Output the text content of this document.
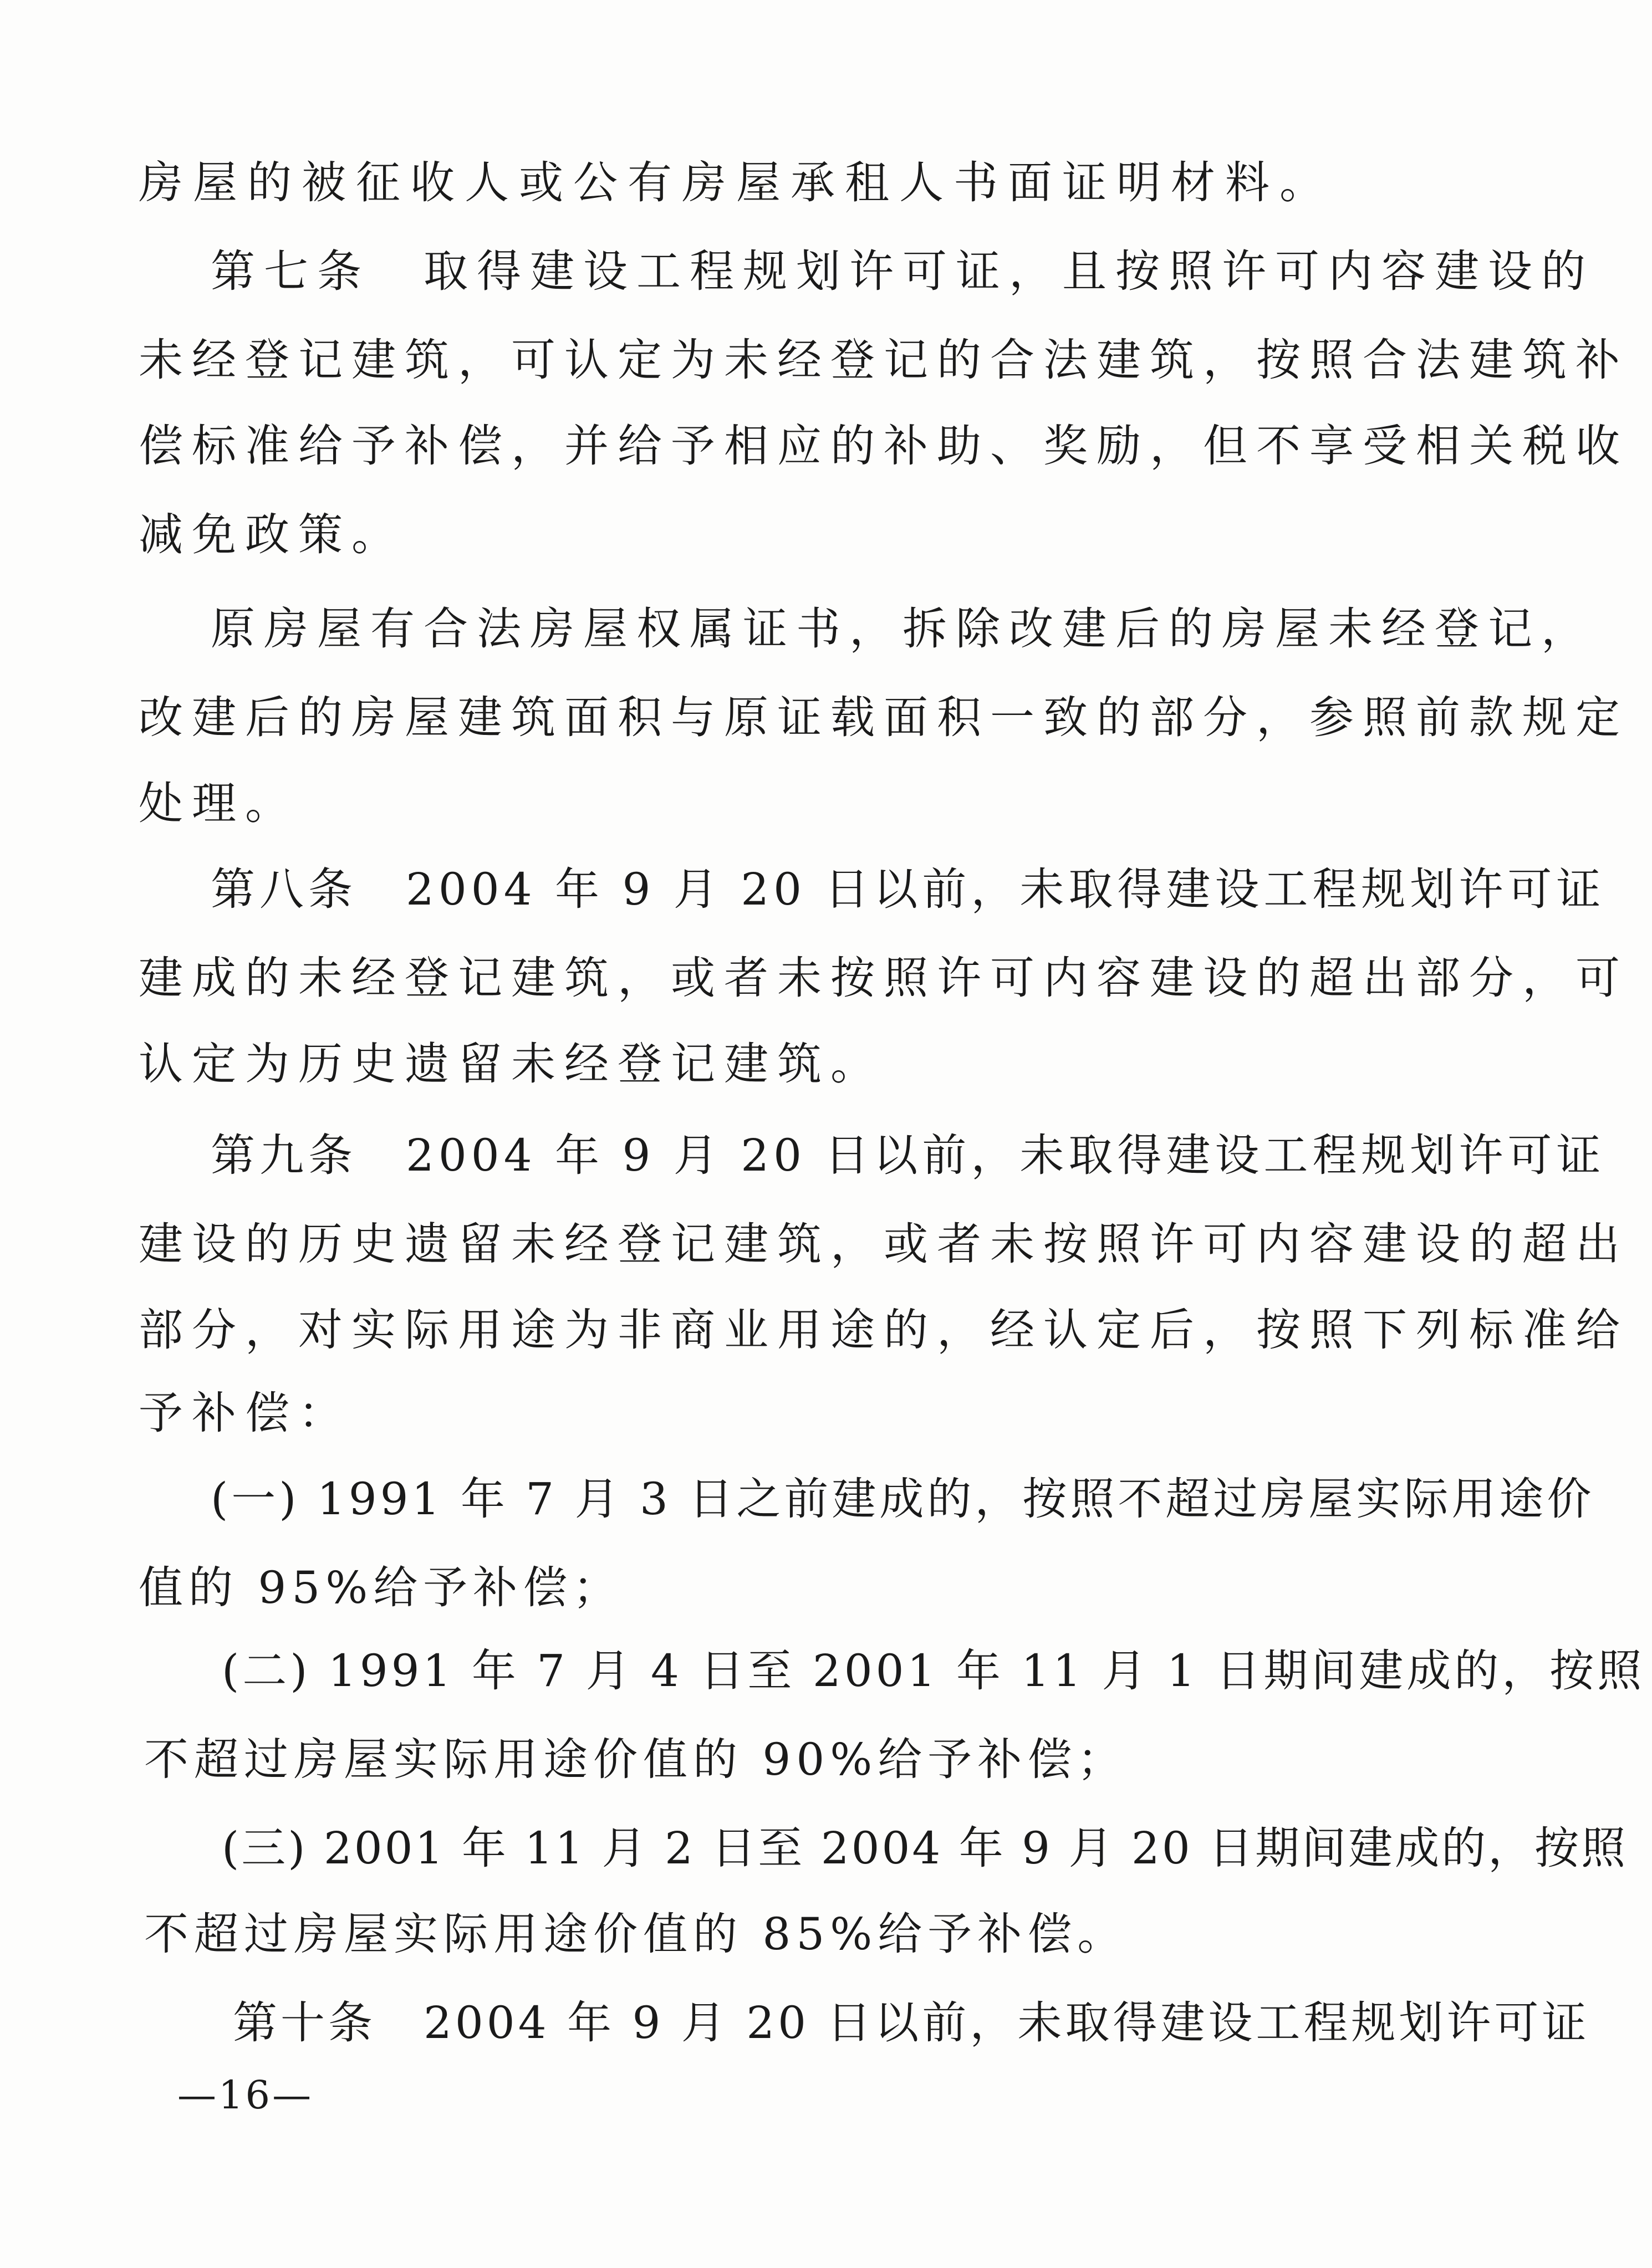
房屋的被征收人或公有房屋承租人书面证明材料。
第七条　取得建设工程规划许可证，且按照许可内容建设的
未经登记建筑，可认定为未经登记的合法建筑，按照合法建筑补
偿标准给予补偿，并给予相应的补助、奖励，但不享受相关税收
减免政策。
原房屋有合法房屋权属证书，拆除改建后的房屋未经登记，
改建后的房屋建筑面积与原证载面积一致的部分，参照前款规定
处理。
第八条　2004 年 9 月 20 日以前，未取得建设工程规划许可证
建成的未经登记建筑，或者未按照许可内容建设的超出部分，可
认定为历史遗留未经登记建筑。
第九条　2004 年 9 月 20 日以前，未取得建设工程规划许可证
建设的历史遗留未经登记建筑，或者未按照许可内容建设的超出
部分，对实际用途为非商业用途的，经认定后，按照下列标准给
予补偿：
(一) 1991 年 7 月 3 日之前建成的，按照不超过房屋实际用途价
值的 95%给予补偿；
(二) 1991 年 7 月 4 日至 2001 年 11 月 1 日期间建成的，按照
不超过房屋实际用途价值的 90%给予补偿；
(三) 2001 年 11 月 2 日至 2004 年 9 月 20 日期间建成的，按照
不超过房屋实际用途价值的 85%给予补偿。
第十条　2004 年 9 月 20 日以前，未取得建设工程规划许可证
—16—
